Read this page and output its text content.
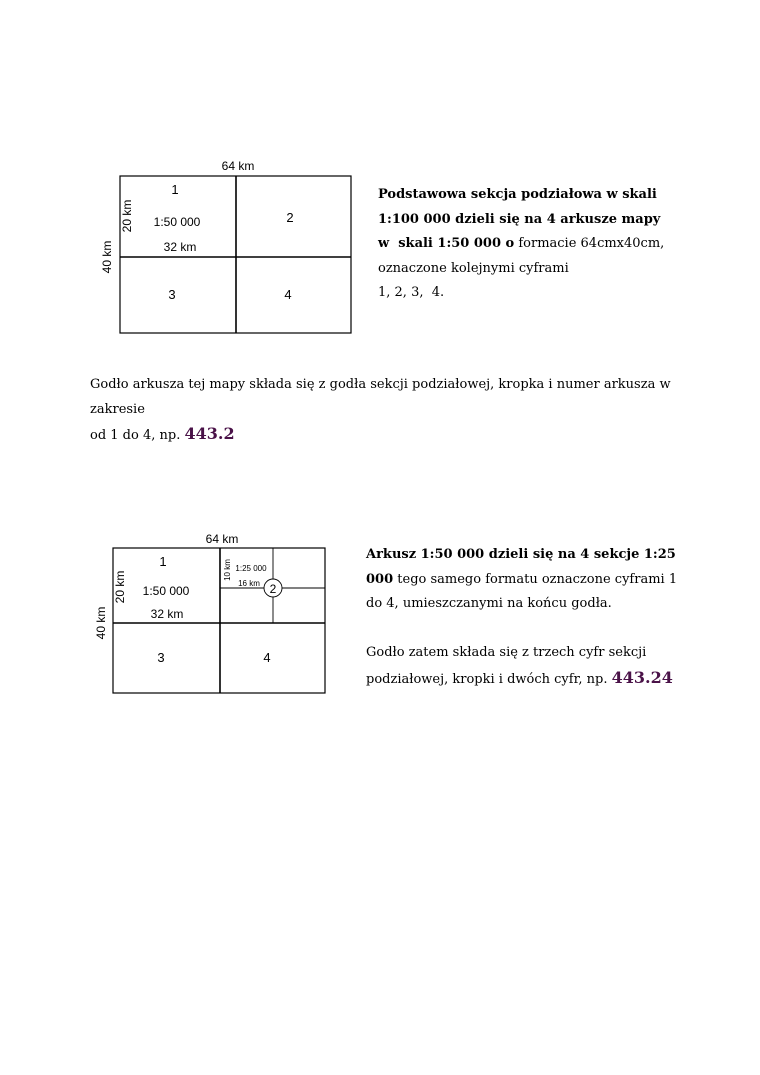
64 km
40 km
20 km
1
1:50 000
32 km
2
3	4
64 km
40 km
20 km
1
1:50 000
32 km
10 km 1:25 000
16 km 2
3	4
Podstawowa sekcja podziałowa w skali
1:100 000 dzieli się na 4 arkusze mapy
w  skali 1:50 000 o formacie 64cmx40cm,
oznaczone kolejnymi cyframi
1, 2, 3,  4.
Godło arkusza tej mapy składa się z godła sekcji podziałowej, kropka i numer arkusza w
zakresie
od 1 do 4, np. 443.2
Arkusz 1:50 000 dzieli się na 4 sekcje 1:25
000 tego samego formatu oznaczone cyframi 1
do 4, umieszczanymi na końcu godła.
Godło zatem składa się z trzech cyfr sekcji
podziałowej, kropki i dwóch cyfr, np. 443.24
